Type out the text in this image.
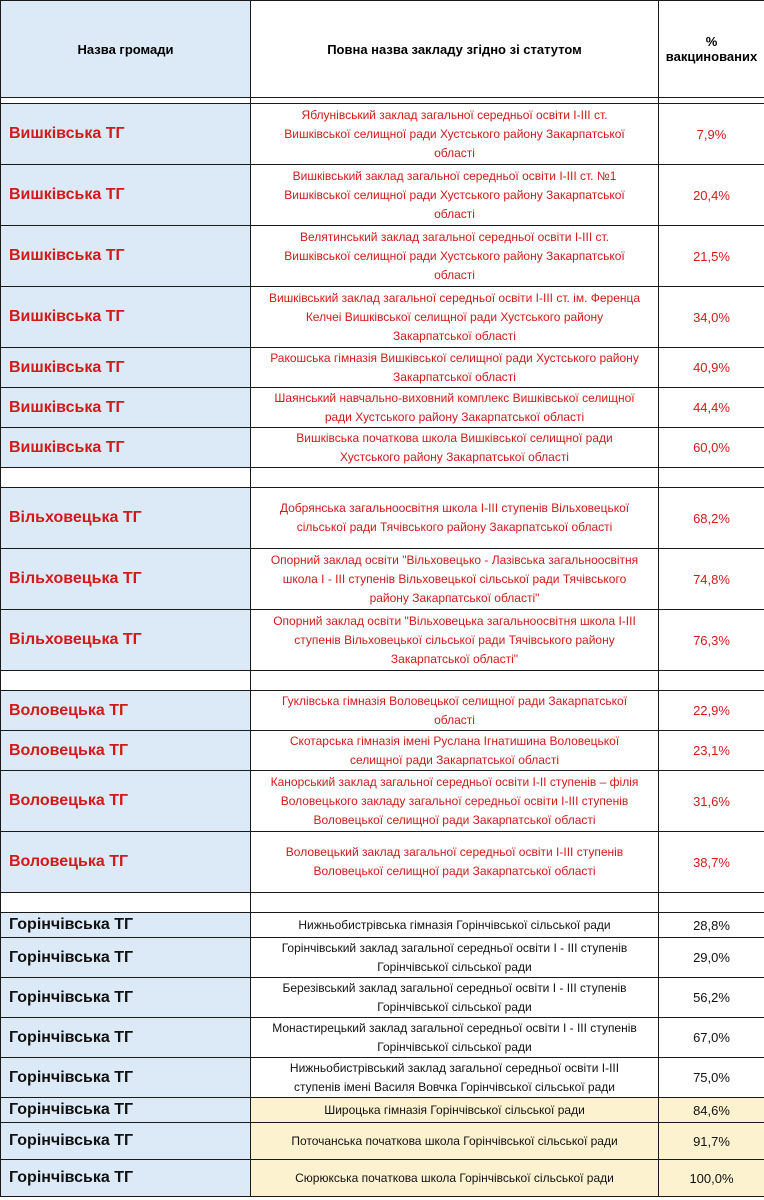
Назва громади	Повна назва закладу згідно зі статутом	%
вакцинованих

Вишківська ТГ	Яблунівський заклад загальної середньої освіти І-ІІІ ст.
Вишківської селищної ради Хустського району Закарпатської
області	7,9%
Вишківська ТГ	Вишківський заклад загальної середньої освіти І-ІІІ ст. №1
Вишківської селищної ради Хустського району Закарпатської
області	20,4%
Вишківська ТГ	Велятинський заклад загальної середньої освіти І-ІІІ ст.
Вишківської селищної ради Хустського району Закарпатської
області	21,5%
Вишківська ТГ	Вишківський заклад загальної середньої освіти І-ІІІ ст. ім. Ференца
Келчеі Вишківської селищної ради Хустського району
Закарпатської області	34,0%
Вишківська ТГ	Ракошська гімназія Вишківської селищної ради Хустського району
Закарпатської області	40,9%
Вишківська ТГ	Шаянський навчально-виховний комплекс Вишківської селищної
ради Хустського району Закарпатської області	44,4%
Вишківська ТГ	Вишківська початкова школа Вишківської селищної ради
Хустського району Закарпатської області	60,0%

Вільховецька ТГ	Добрянська загальноосвітня школа І-ІІІ ступенів Вільховецької
сільської ради Тячівського району Закарпатської області	68,2%
Вільховецька ТГ	Опорний заклад освіти "Вільховецько - Лазівська загальноосвітня
школа І - ІІІ ступенів Вільховецької сільської ради Тячівського
району Закарпатської області"	74,8%
Вільховецька ТГ	Опорний заклад освіти "Вільховецька загальноосвітня школа І-ІІІ
ступенів Вільховецької сільської ради Тячівського району
Закарпатської області"	76,3%

Воловецька ТГ	Гуклівська гімназія Воловецької селищної ради Закарпатської
області	22,9%
Воловецька ТГ	Скотарська гімназія імені Руслана Ігнатишина Воловецької
селищної ради Закарпатської області	23,1%
Воловецька ТГ	Канорський заклад загальної середньої освіти І-ІІ ступенів – філія
Воловецького закладу загальної середньої освіти І-ІІІ ступенів
Воловецької селищної ради Закарпатської області	31,6%
Воловецька ТГ	Воловецький заклад загальної середньої освіти І-ІІІ ступенів
Воловецької селищної ради Закарпатської області	38,7%

Горінчівська ТГ	Нижньобистрівська гімназія Горінчівської сільської ради	28,8%
Горінчівська ТГ	Горінчівський заклад загальної середньої освіти І - ІІІ ступенів
Горінчівської сільської ради	29,0%
Горінчівська ТГ	Березівський заклад загальної середньої освіти І - ІІІ ступенів
Горінчівської сільської ради	56,2%
Горінчівська ТГ	Монастирецький заклад загальної середньої освіти І - ІІІ ступенів
Горінчівської сільської ради	67,0%
Горінчівська ТГ	Нижньобистрівський заклад загальної середньої освіти І-ІІІ
ступенів імені Василя Вовчка Горінчівської сільської ради	75,0%
Горінчівська ТГ	Широцька гімназія Горінчівської сільської ради	84,6%
Горінчівська ТГ	Поточанська початкова школа Горінчівської сільської ради	91,7%
Горінчівська ТГ	Сюрюкська початкова школа Горінчівської сільської ради	100,0%
